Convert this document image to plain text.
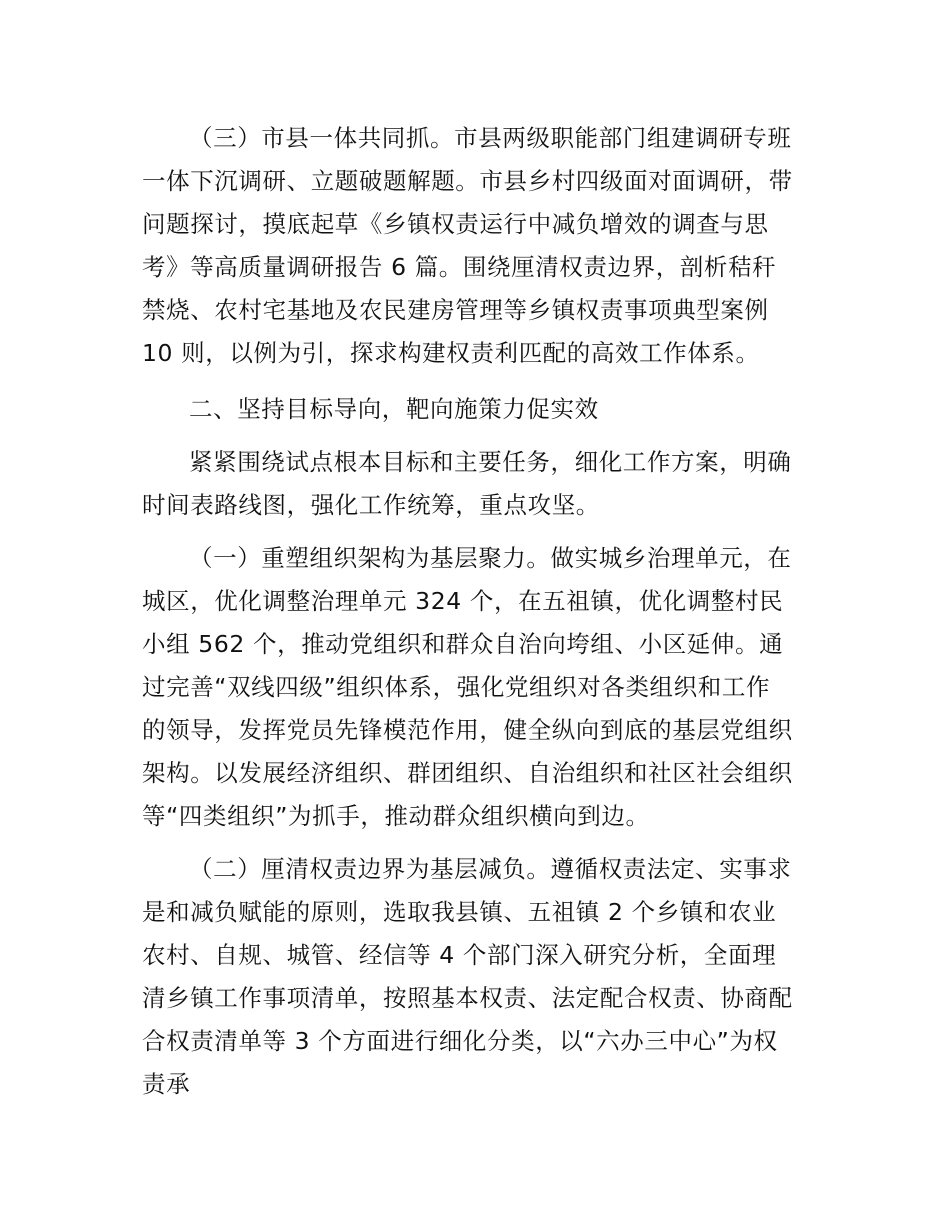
（三）市县一体共同抓。市县两级职能部门组建调研专班
一体下沉调研、立题破题解题。市县乡村四级面对面调研，带
问题探讨，摸底起草《乡镇权责运行中减负增效的调查与思
考》等高质量调研报告 6 篇。围绕厘清权责边界，剖析秸秆
禁烧、农村宅基地及农民建房管理等乡镇权责事项典型案例
10 则，以例为引，探求构建权责利匹配的高效工作体系。
二、坚持目标导向，靶向施策力促实效
紧紧围绕试点根本目标和主要任务，细化工作方案，明确
时间表路线图，强化工作统筹，重点攻坚。
（一）重塑组织架构为基层聚力。做实城乡治理单元，在
城区，优化调整治理单元 324 个，在五祖镇，优化调整村民
小组 562 个，推动党组织和群众自治向垮组、小区延伸。通
过完善“双线四级”组织体系，强化党组织对各类组织和工作
的领导，发挥党员先锋模范作用，健全纵向到底的基层党组织
架构。以发展经济组织、群团组织、自治组织和社区社会组织
等“四类组织”为抓手，推动群众组织横向到边。
（二）厘清权责边界为基层减负。遵循权责法定、实事求
是和减负赋能的原则，选取我县镇、五祖镇 2 个乡镇和农业
农村、自规、城管、经信等 4 个部门深入研究分析，全面理
清乡镇工作事项清单，按照基本权责、法定配合权责、协商配
合权责清单等 3 个方面进行细化分类，以“六办三中心”为权
责承
